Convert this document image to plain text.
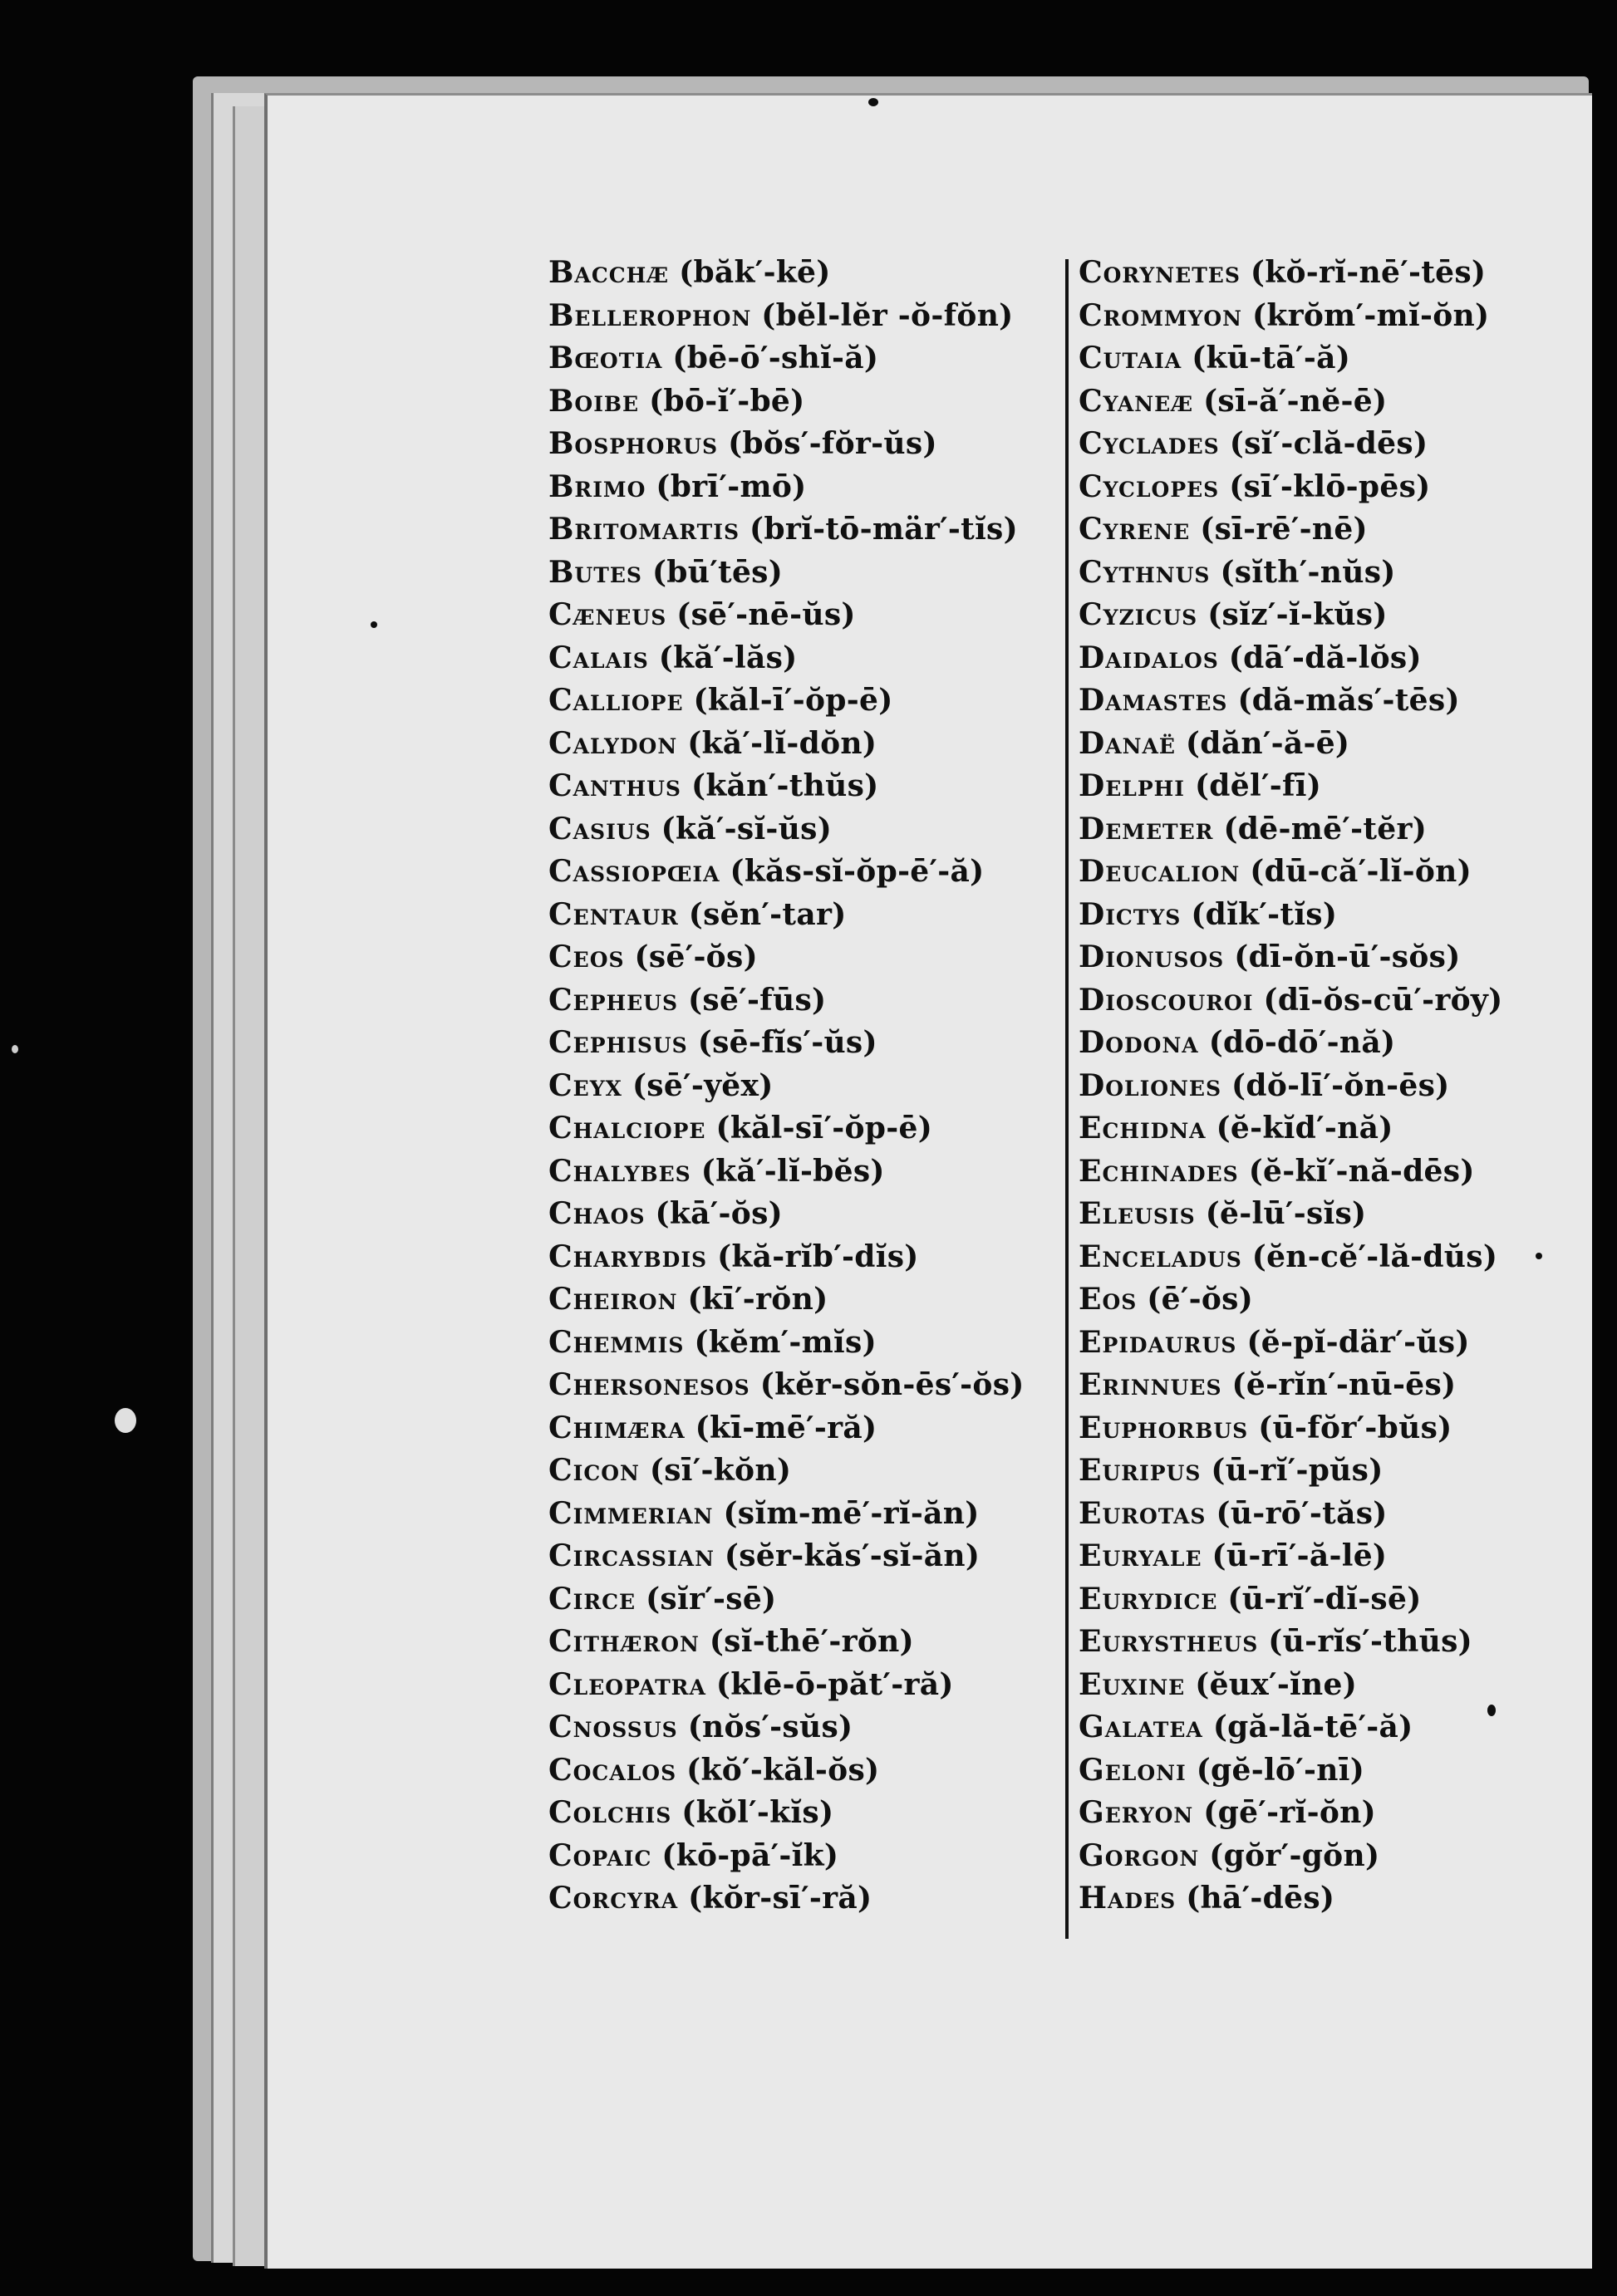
Bacchæ (băk′-kē)
Bellerophon (bĕl-lĕr -ŏ-fŏn)
Bœotia (bē-ō′-shĭ-ă)
Boibe (bō-ĭ′-bē)
Bosphorus (bŏs′-fŏr-ŭs)
Brimo (brī′-mō)
Britomartis (brĭ-tō-mär′-tĭs)
Butes (bū′tēs)
Cæneus (sē′-nē-ŭs)
Calais (kă′-lăs)
Calliope (kăl-ī′-ŏp-ē)
Calydon (kă′-lĭ-dŏn)
Canthus (kăn′-thŭs)
Casius (kă′-sĭ-ŭs)
Cassiopœia (kăs-sĭ-ŏp-ē′-ă)
Centaur (sĕn′-tar)
Ceos (sē′-ŏs)
Cepheus (sē′-fūs)
Cephisus (sē-fĭs′-ŭs)
Ceyx (sē′-yĕx)
Chalciope (kăl-sī′-ŏp-ē)
Chalybes (kă′-lĭ-bĕs)
Chaos (kā′-ŏs)
Charybdis (kă-rĭb′-dĭs)
Cheiron (kī′-rŏn)
Chemmis (kĕm′-mĭs)
Chersonesos (kĕr-sŏn-ēs′-ŏs)
Chimæra (kī-mē′-ră)
Cicon (sī′-kŏn)
Cimmerian (sĭm-mē′-rĭ-ăn)
Circassian (sĕr-kăs′-sĭ-ăn)
Circe (sĭr′-sē)
Cithæron (sĭ-thē′-rŏn)
Cleopatra (klē-ō-păt′-ră)
Cnossus (nŏs′-sŭs)
Cocalos (kŏ′-kăl-ŏs)
Colchis (kŏl′-kĭs)
Copaic (kō-pā′-ĭk)
Corcyra (kŏr-sī′-ră)
Corynetes (kŏ-rĭ-nē′-tēs)
Crommyon (krŏm′-mĭ-ŏn)
Cutaia (kū-tā′-ă)
Cyaneæ (sī-ă′-nĕ-ē)
Cyclades (sĭ′-clă-dēs)
Cyclopes (sī′-klō-pēs)
Cyrene (sī-rē′-nē)
Cythnus (sĭth′-nŭs)
Cyzicus (sĭz′-ĭ-kŭs)
Daidalos (dā′-dă-lŏs)
Damastes (dă-măs′-tēs)
Danaë (dăn′-ă-ē)
Delphi (dĕl′-fī)
Demeter (dē-mē′-tĕr)
Deucalion (dū-că′-lĭ-ŏn)
Dictys (dĭk′-tĭs)
Dionusos (dī-ŏn-ū′-sŏs)
Dioscouroi (dī-ŏs-cū′-rŏy)
Dodona (dō-dō′-nă)
Doliones (dŏ-lī′-ŏn-ēs)
Echidna (ĕ-kĭd′-nă)
Echinades (ĕ-kĭ′-nă-dēs)
Eleusis (ĕ-lū′-sĭs)
Enceladus (ĕn-cĕ′-lă-dŭs)
Eos (ē′-ŏs)
Epidaurus (ĕ-pĭ-där′-ŭs)
Erinnues (ĕ-rĭn′-nū-ēs)
Euphorbus (ū-fŏr′-bŭs)
Euripus (ū-rĭ′-pŭs)
Eurotas (ū-rō′-tăs)
Euryale (ū-rī′-ă-lē)
Eurydice (ū-rĭ′-dĭ-sē)
Eurystheus (ū-rĭs′-thūs)
Euxine (ĕux′-ĭne)
Galatea (gă-lă-tē′-ă)
Geloni (gĕ-lō′-nī)
Geryon (gē′-rĭ-ŏn)
Gorgon (gŏr′-gŏn)
Hades (hā′-dēs)
